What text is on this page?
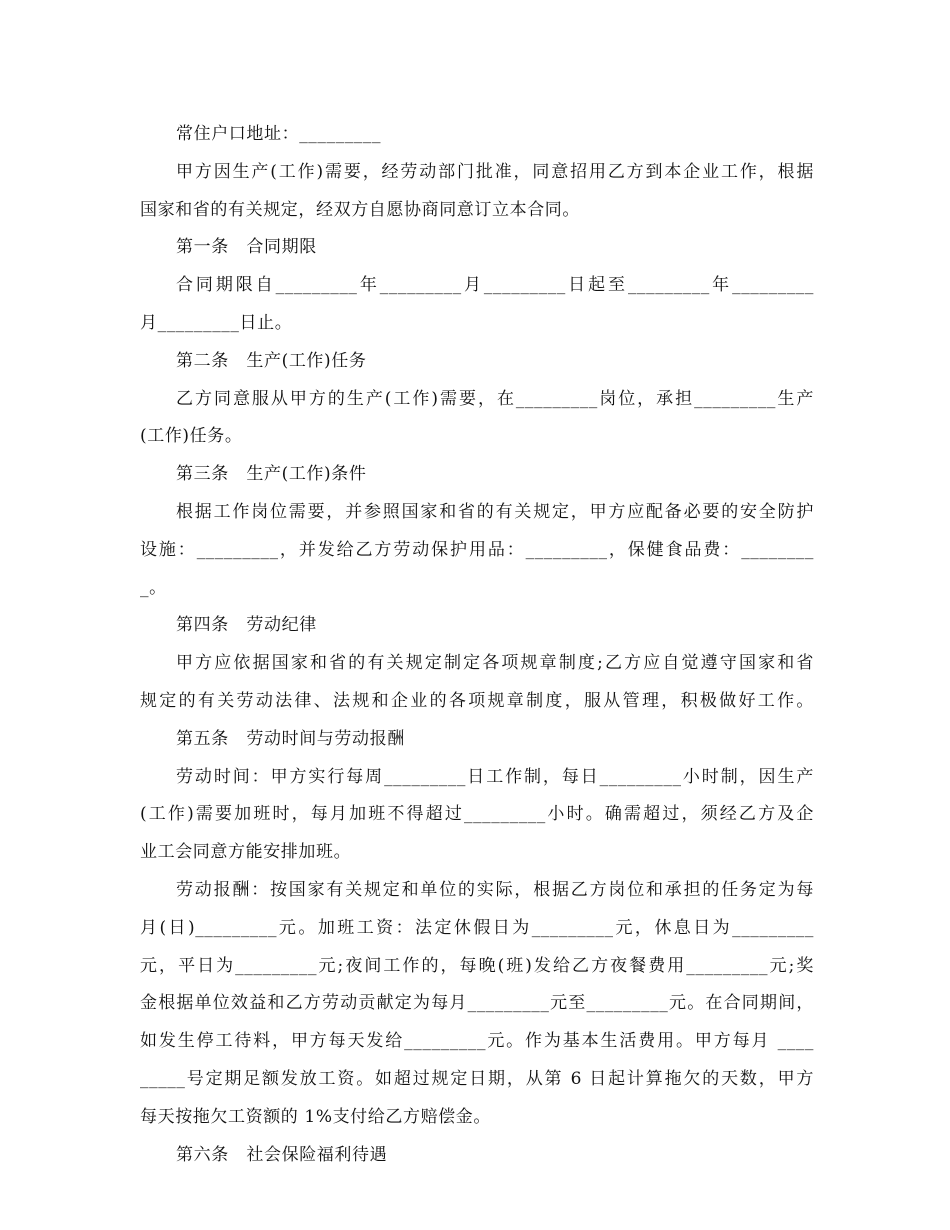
常住户口地址：_________
甲方因生产(工作)需要，经劳动部门批准，同意招用乙方到本企业工作，根据
国家和省的有关规定，经双方自愿协商同意订立本合同。
第一条　合同期限
合同期限自_________年_________月_________日起至_________年_________
月_________日止。
第二条　生产(工作)任务
乙方同意服从甲方的生产(工作)需要，在_________岗位，承担_________生产
(工作)任务。
第三条　生产(工作)条件
根据工作岗位需要，并参照国家和省的有关规定，甲方应配备必要的安全防护
设施：_________，并发给乙方劳动保护用品：_________，保健食品费：________
_。
第四条　劳动纪律
甲方应依据国家和省的有关规定制定各项规章制度;乙方应自觉遵守国家和省
规定的有关劳动法律、法规和企业的各项规章制度，服从管理，积极做好工作。
第五条　劳动时间与劳动报酬
劳动时间：甲方实行每周_________日工作制，每日_________小时制，因生产
(工作)需要加班时，每月加班不得超过_________小时。确需超过，须经乙方及企
业工会同意方能安排加班。
劳动报酬：按国家有关规定和单位的实际，根据乙方岗位和承担的任务定为每
月(日)_________元。加班工资：法定休假日为_________元，休息日为_________
元，平日为_________元;夜间工作的，每晚(班)发给乙方夜餐费用_________元;奖
金根据单位效益和乙方劳动贡献定为每月_________元至_________元。在合同期间，
如发生停工待料，甲方每天发给_________元。作为基本生活费用。甲方每月 ____
_____号定期足额发放工资。如超过规定日期，从第 6 日起计算拖欠的天数，甲方
每天按拖欠工资额的 1%支付给乙方赔偿金。
第六条　社会保险福利待遇
